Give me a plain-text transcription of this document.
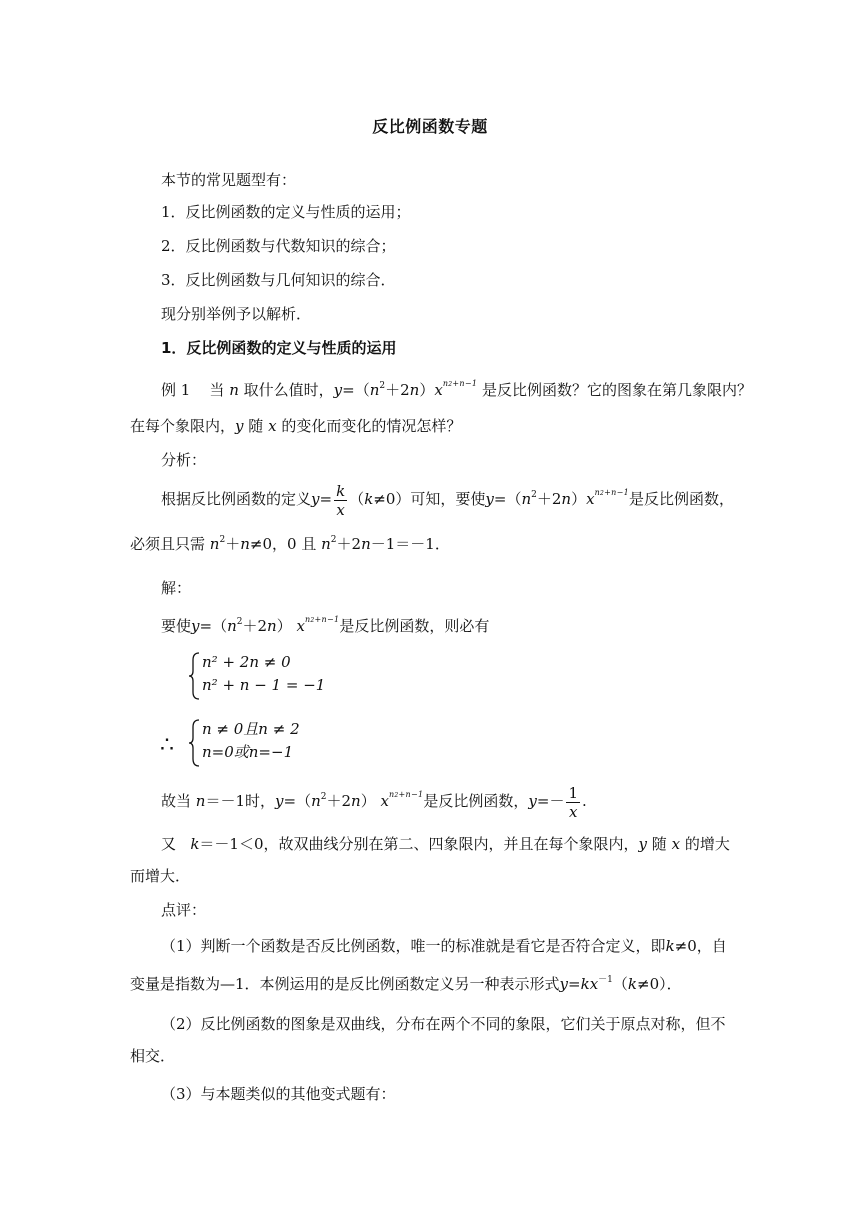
反比例函数专题
本节的常见题型有：
1．反比例函数的定义与性质的运用；
2．反比例函数与代数知识的综合；
3．反比例函数与几何知识的综合．
现分别举例予以解析．
1．反比例函数的定义与性质的运用
例 1 当 n 取什么值时，$y=(n^2+2n)x^{n2+n-1}$ 是反比例函数？它的图象在第几象限内？
在每个象限内，y 随 x 的变化而变化的情况怎样？
分析：
根据反比例函数的定义$y= \frac{k}{x} (k\ne 0)$可知，要使$y=(n^2+2n)x^{n2+n-1}$是反比例函数，
必须且只需 $n^2+n\ne 0$，0 且 $n^2+2n-1=-1$．
解：
要使$y=(n^2+2n)$ $x^{n2+n-1}$是反比例函数，则必有
n² + 2n ≠ 0
n² + n − 1 = −1
∴
n ≠ 0且n ≠ 2
n=0或n=−1
故当 n＝－1时，$y=(n^2+2n)$ $x^{n2+n-1}$是反比例函数，$y=- \frac{1}{x}$ .
又 k＝－1＜0，故双曲线分别在第二、四象限内，并且在每个象限内，y 随 x 的增大
而增大．
点评：
（1）判断一个函数是否反比例函数，唯一的标准就是看它是否符合定义，即k≠0，自
变量是指数为—1．本例运用的是反比例函数定义另一种表示形式$y=kx^{-1}(k\ne 0)$．
（2）反比例函数的图象是双曲线，分布在两个不同的象限，它们关于原点对称，但不
相交．
（3）与本题类似的其他变式题有：
